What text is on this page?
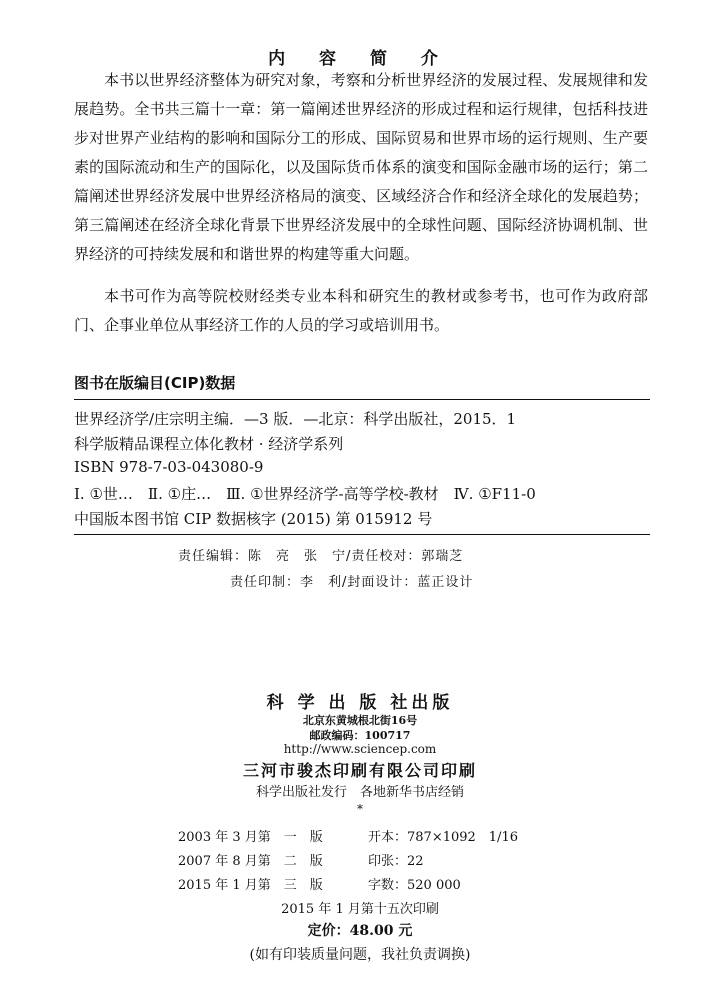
内 容 简 介

本书以世界经济整体为研究对象，考察和分析世界经济的发展过程、发展规律和发展趋势。全书共三篇十一章：第一篇阐述世界经济的形成过程和运行规律，包括科技进步对世界产业结构的影响和国际分工的形成、国际贸易和世界市场的运行规则、生产要素的国际流动和生产的国际化，以及国际货币体系的演变和国际金融市场的运行；第二篇阐述世界经济发展中世界经济格局的演变、区域经济合作和经济全球化的发展趋势；第三篇阐述在经济全球化背景下世界经济发展中的全球性问题、国际经济协调机制、世界经济的可持续发展和和谐世界的构建等重大问题。

本书可作为高等院校财经类专业本科和研究生的教材或参考书，也可作为政府部门、企事业单位从事经济工作的人员的学习或培训用书。

图书在版编目(CIP)数据
世界经济学/庄宗明主编．—3 版．—北京：科学出版社，2015．1
科学版精品课程立体化教材 · 经济学系列
ISBN 978-7-03-043080-9
Ⅰ. ①世…　Ⅱ. ①庄…　Ⅲ. ①世界经济学-高等学校-教材　Ⅳ. ①F11-0
中国版本图书馆 CIP 数据核字 (2015) 第 015912 号
责任编辑：陈　亮　张　宁/责任校对：郭瑞芝
责任印制：李　利/封面设计：蓝正设计
科 学 出 版 社出版
北京东黄城根北街16号
邮政编码：100717
http://www.sciencep.com
三河市骏杰印刷有限公司印刷
科学出版社发行　各地新华书店经销
*
2003 年 3 月第　一　版	开本：787×1092　1/16
2007 年 8 月第　二　版	印张：22
2015 年 1 月第　三　版	字数：520 000
2015 年 1 月第十五次印刷
定价：48.00 元
(如有印装质量问题，我社负责调换)
